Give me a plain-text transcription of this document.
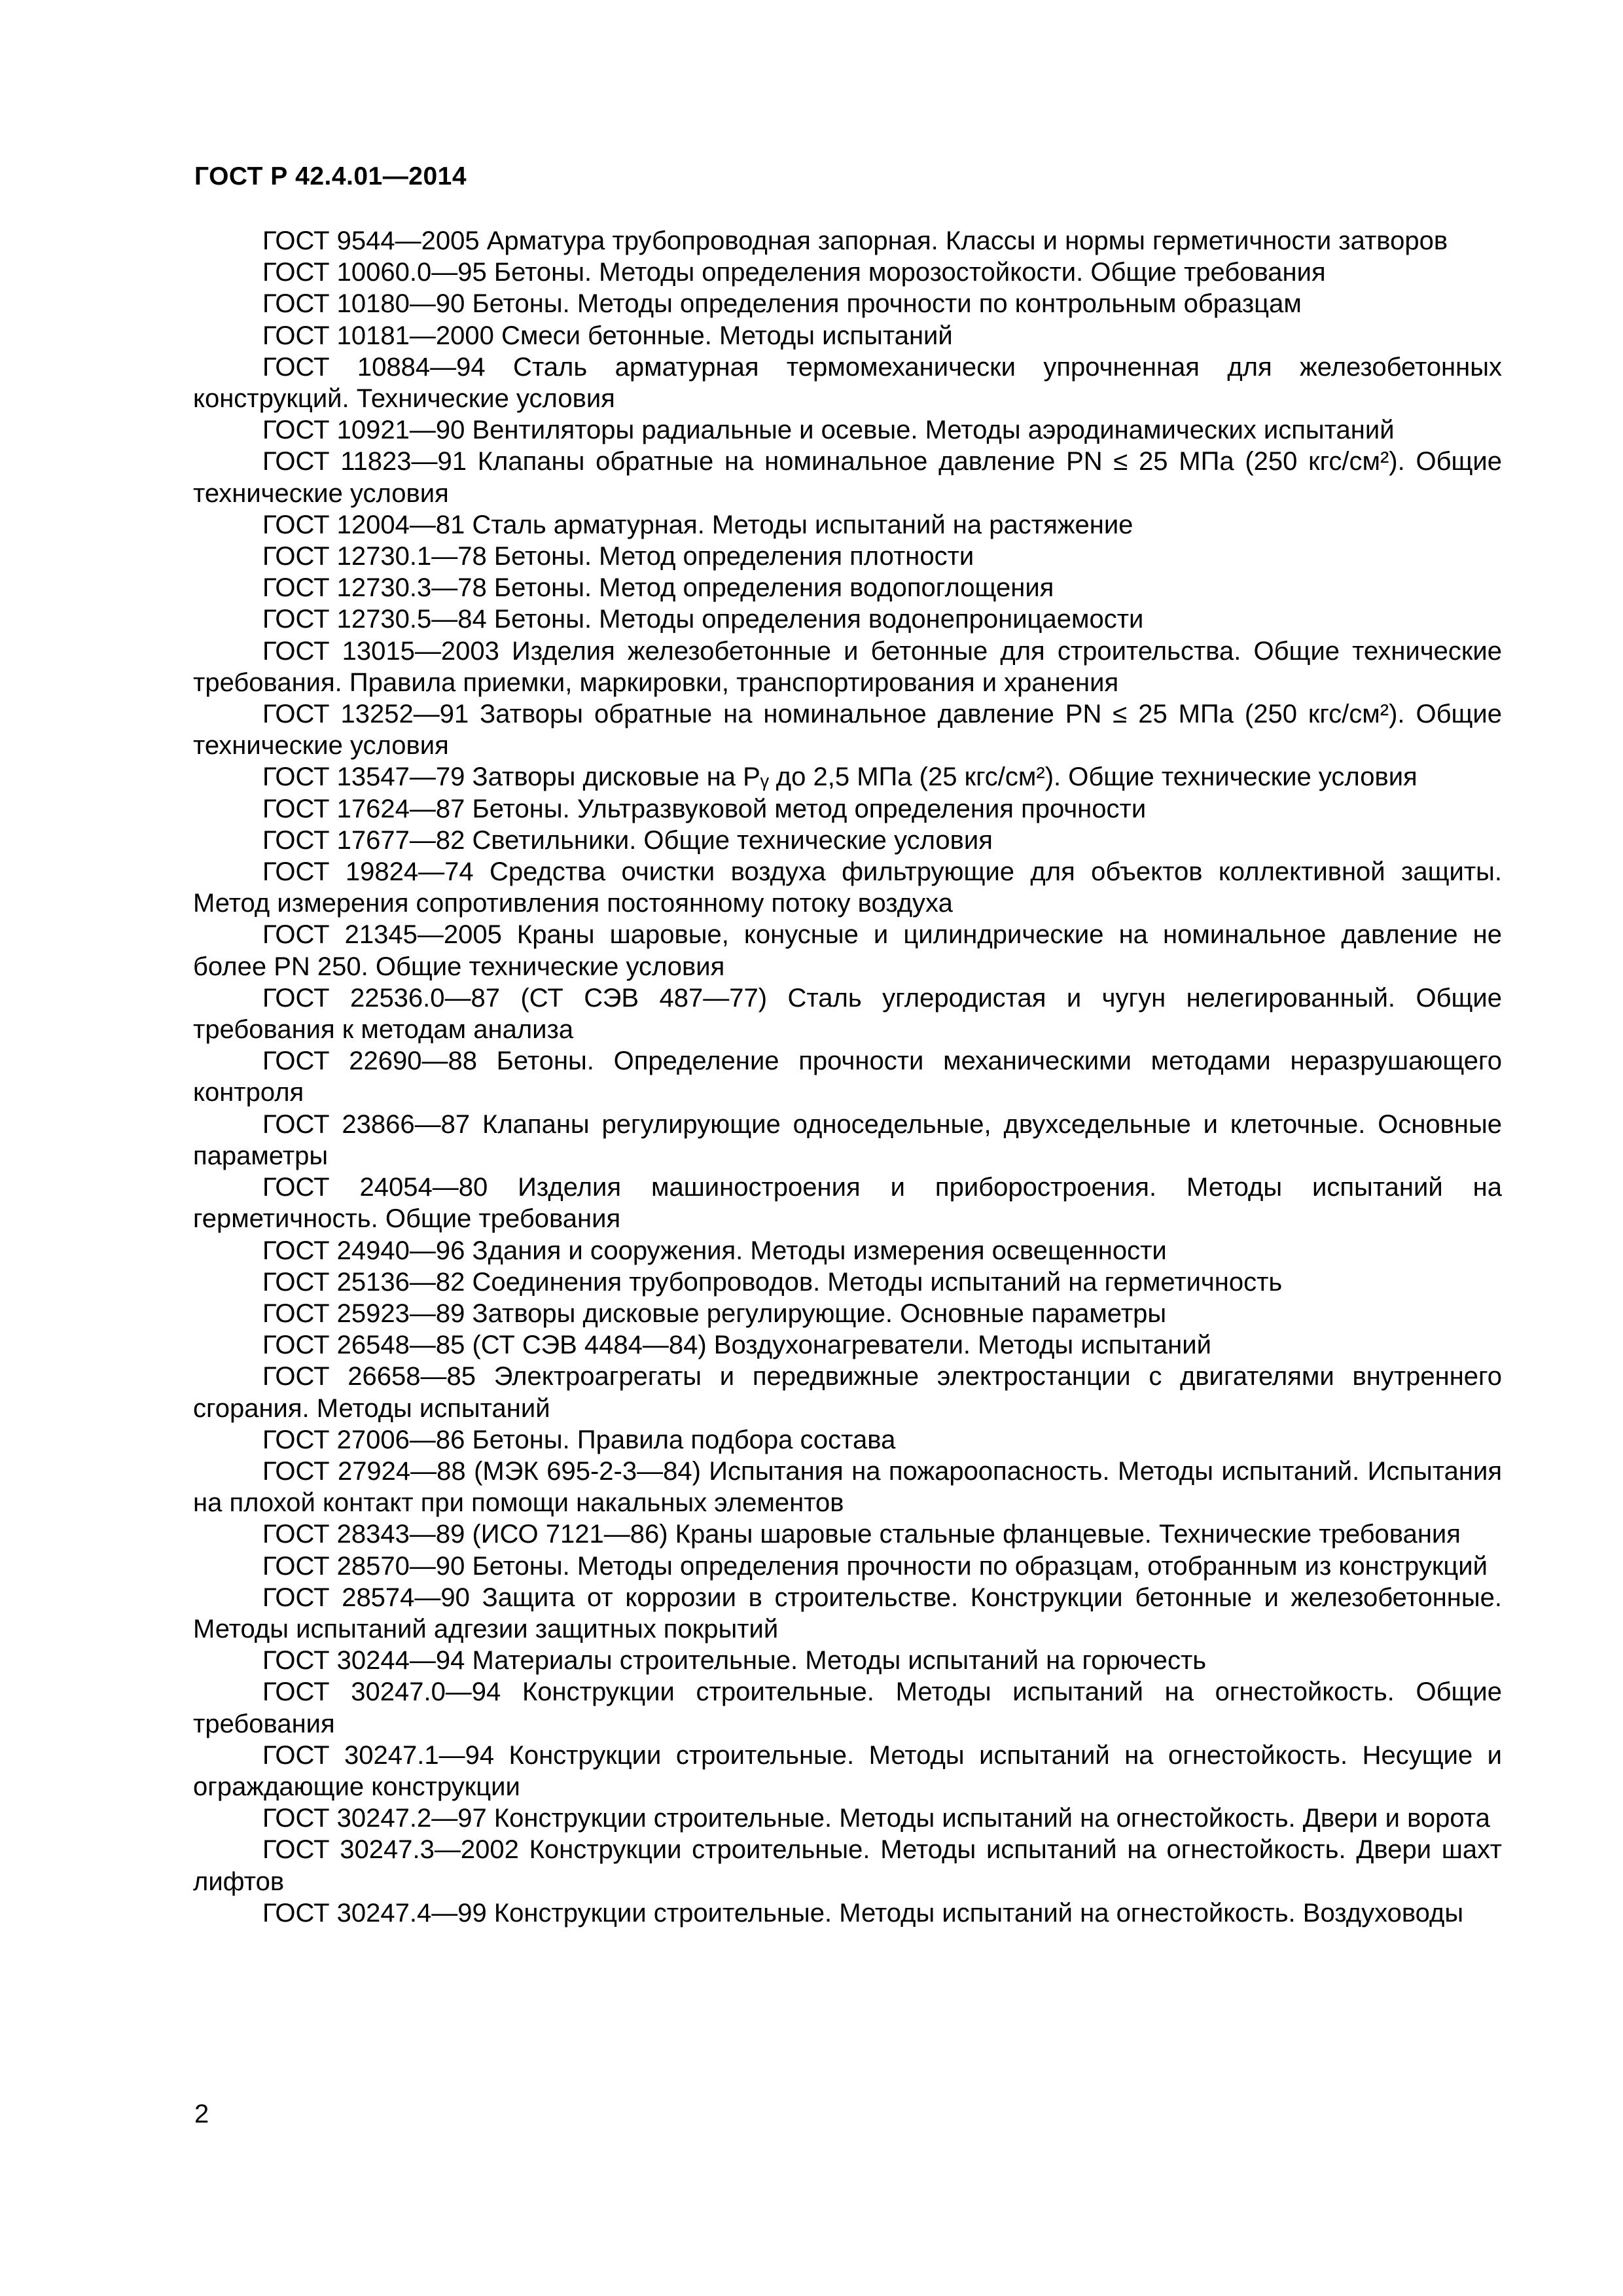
ГОСТ Р 42.4.01—2014

ГОСТ 9544—2005 Арматура трубопроводная запорная. Классы и нормы герметичности затворов

ГОСТ 10060.0—95 Бетоны. Методы определения морозостойкости. Общие требования

ГОСТ 10180—90 Бетоны. Методы определения прочности по контрольным образцам

ГОСТ 10181—2000 Смеси бетонные. Методы испытаний

ГОСТ 10884—94 Сталь арматурная термомеханически упрочненная для железобетонных конструкций. Технические условия

ГОСТ 10921—90 Вентиляторы радиальные и осевые. Методы аэродинамических испытаний

ГОСТ 11823—91 Клапаны обратные на номинальное давление PN ≤ 25 МПа (250 кгс/см²). Общие технические условия

ГОСТ 12004—81 Сталь арматурная. Методы испытаний на растяжение

ГОСТ 12730.1—78 Бетоны. Метод определения плотности

ГОСТ 12730.3—78 Бетоны. Метод определения водопоглощения

ГОСТ 12730.5—84 Бетоны. Методы определения водонепроницаемости

ГОСТ 13015—2003 Изделия железобетонные и бетонные для строительства. Общие технические требования. Правила приемки, маркировки, транспортирования и хранения

ГОСТ 13252—91 Затворы обратные на номинальное давление PN ≤ 25 МПа (250 кгс/см²). Общие технические условия

ГОСТ 13547—79 Затворы дисковые на Pᵧ до 2,5 МПа (25 кгс/см²). Общие технические условия

ГОСТ 17624—87 Бетоны. Ультразвуковой метод определения прочности

ГОСТ 17677—82 Светильники. Общие технические условия

ГОСТ 19824—74 Средства очистки воздуха фильтрующие для объектов коллективной защиты. Метод измерения сопротивления постоянному потоку воздуха

ГОСТ 21345—2005 Краны шаровые, конусные и цилиндрические на номинальное давление не более PN 250. Общие технические условия

ГОСТ 22536.0—87 (СТ СЭВ 487—77) Сталь углеродистая и чугун нелегированный. Общие требования к методам анализа

ГОСТ 22690—88 Бетоны. Определение прочности механическими методами неразрушающего контроля

ГОСТ 23866—87 Клапаны регулирующие односедельные, двухседельные и клеточные. Основные параметры

ГОСТ 24054—80 Изделия машиностроения и приборостроения. Методы испытаний на герметичность. Общие требования

ГОСТ 24940—96 Здания и сооружения. Методы измерения освещенности

ГОСТ 25136—82 Соединения трубопроводов. Методы испытаний на герметичность

ГОСТ 25923—89 Затворы дисковые регулирующие. Основные параметры

ГОСТ 26548—85 (СТ СЭВ 4484—84) Воздухонагреватели. Методы испытаний

ГОСТ 26658—85 Электроагрегаты и передвижные электростанции с двигателями внутреннего сгорания. Методы испытаний

ГОСТ 27006—86 Бетоны. Правила подбора состава

ГОСТ 27924—88 (МЭК 695-2-3—84) Испытания на пожароопасность. Методы испытаний. Испытания на плохой контакт при помощи накальных элементов

ГОСТ 28343—89 (ИСО 7121—86) Краны шаровые стальные фланцевые. Технические требования

ГОСТ 28570—90 Бетоны. Методы определения прочности по образцам, отобранным из конструкций

ГОСТ 28574—90 Защита от коррозии в строительстве. Конструкции бетонные и железобетонные. Методы испытаний адгезии защитных покрытий

ГОСТ 30244—94 Материалы строительные. Методы испытаний на горючесть

ГОСТ 30247.0—94 Конструкции строительные. Методы испытаний на огнестойкость. Общие требования

ГОСТ 30247.1—94 Конструкции строительные. Методы испытаний на огнестойкость. Несущие и ограждающие конструкции

ГОСТ 30247.2—97 Конструкции строительные. Методы испытаний на огнестойкость. Двери и ворота

ГОСТ 30247.3—2002 Конструкции строительные. Методы испытаний на огнестойкость. Двери шахт лифтов

ГОСТ 30247.4—99 Конструкции строительные. Методы испытаний на огнестойкость. Воздуховоды

2
